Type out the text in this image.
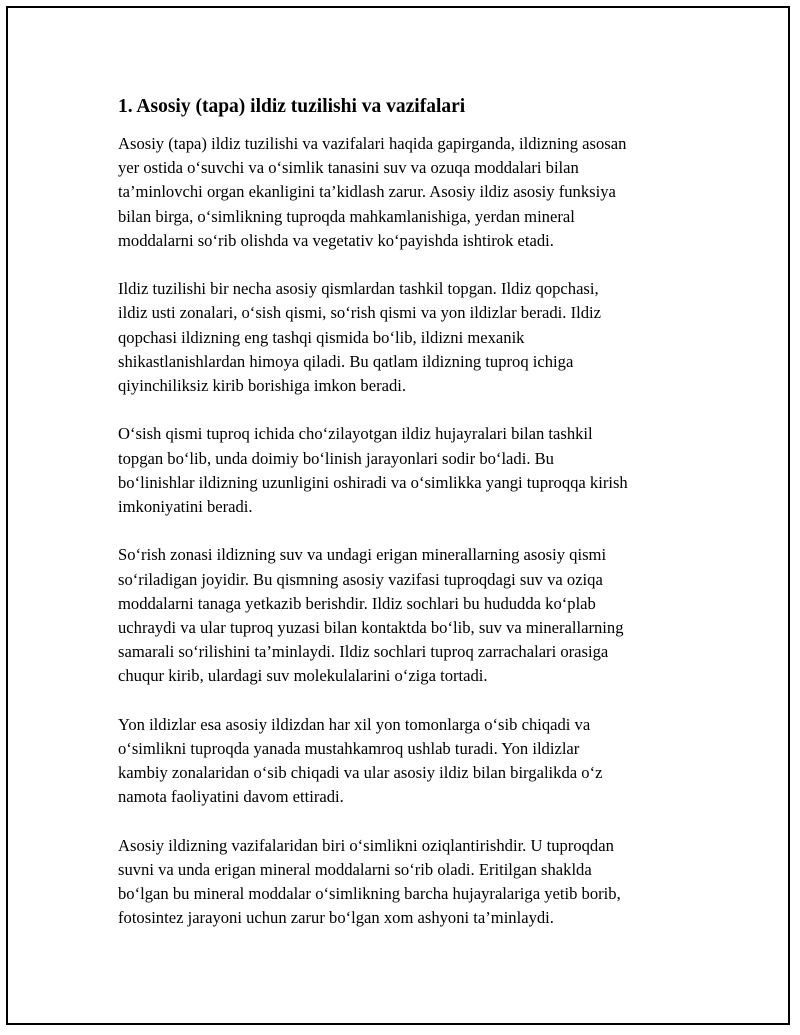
1. Asosiy (tapa) ildiz tuzilishi va vazifalari

Asosiy (tapa) ildiz tuzilishi va vazifalari haqida gapirganda, ildizning asosan
yer ostida o‘suvchi va o‘simlik tanasini suv va ozuqa moddalari bilan
ta’minlovchi organ ekanligini ta’kidlash zarur. Asosiy ildiz asosiy funksiya
bilan birga, o‘simlikning tuproqda mahkamlanishiga, yerdan mineral
moddalarni so‘rib olishda va vegetativ ko‘payishda ishtirok etadi.

Ildiz tuzilishi bir necha asosiy qismlardan tashkil topgan. Ildiz qopchasi,
ildiz usti zonalari, o‘sish qismi, so‘rish qismi va yon ildizlar beradi. Ildiz
qopchasi ildizning eng tashqi qismida bo‘lib, ildizni mexanik
shikastlanishlardan himoya qiladi. Bu qatlam ildizning tuproq ichiga
qiyinchiliksiz kirib borishiga imkon beradi.

O‘sish qismi tuproq ichida cho‘zilayotgan ildiz hujayralari bilan tashkil
topgan bo‘lib, unda doimiy bo‘linish jarayonlari sodir bo‘ladi. Bu
bo‘linishlar ildizning uzunligini oshiradi va o‘simlikka yangi tuproqqa kirish
imkoniyatini beradi.

So‘rish zonasi ildizning suv va undagi erigan minerallarning asosiy qismi
so‘riladigan joyidir. Bu qismning asosiy vazifasi tuproqdagi suv va oziqa
moddalarni tanaga yetkazib berishdir. Ildiz sochlari bu hududda ko‘plab
uchraydi va ular tuproq yuzasi bilan kontaktda bo‘lib, suv va minerallarning
samarali so‘rilishini ta’minlaydi. Ildiz sochlari tuproq zarrachalari orasiga
chuqur kirib, ulardagi suv molekulalarini o‘ziga tortadi.

Yon ildizlar esa asosiy ildizdan har xil yon tomonlarga o‘sib chiqadi va
o‘simlikni tuproqda yanada mustahkamroq ushlab turadi. Yon ildizlar
kambiy zonalaridan o‘sib chiqadi va ular asosiy ildiz bilan birgalikda o‘z
namota faoliyatini davom ettiradi.

Asosiy ildizning vazifalaridan biri o‘simlikni oziqlantirishdir. U tuproqdan
suvni va unda erigan mineral moddalarni so‘rib oladi. Eritilgan shaklda
bo‘lgan bu mineral moddalar o‘simlikning barcha hujayralariga yetib borib,
fotosintez jarayoni uchun zarur bo‘lgan xom ashyoni ta’minlaydi.
